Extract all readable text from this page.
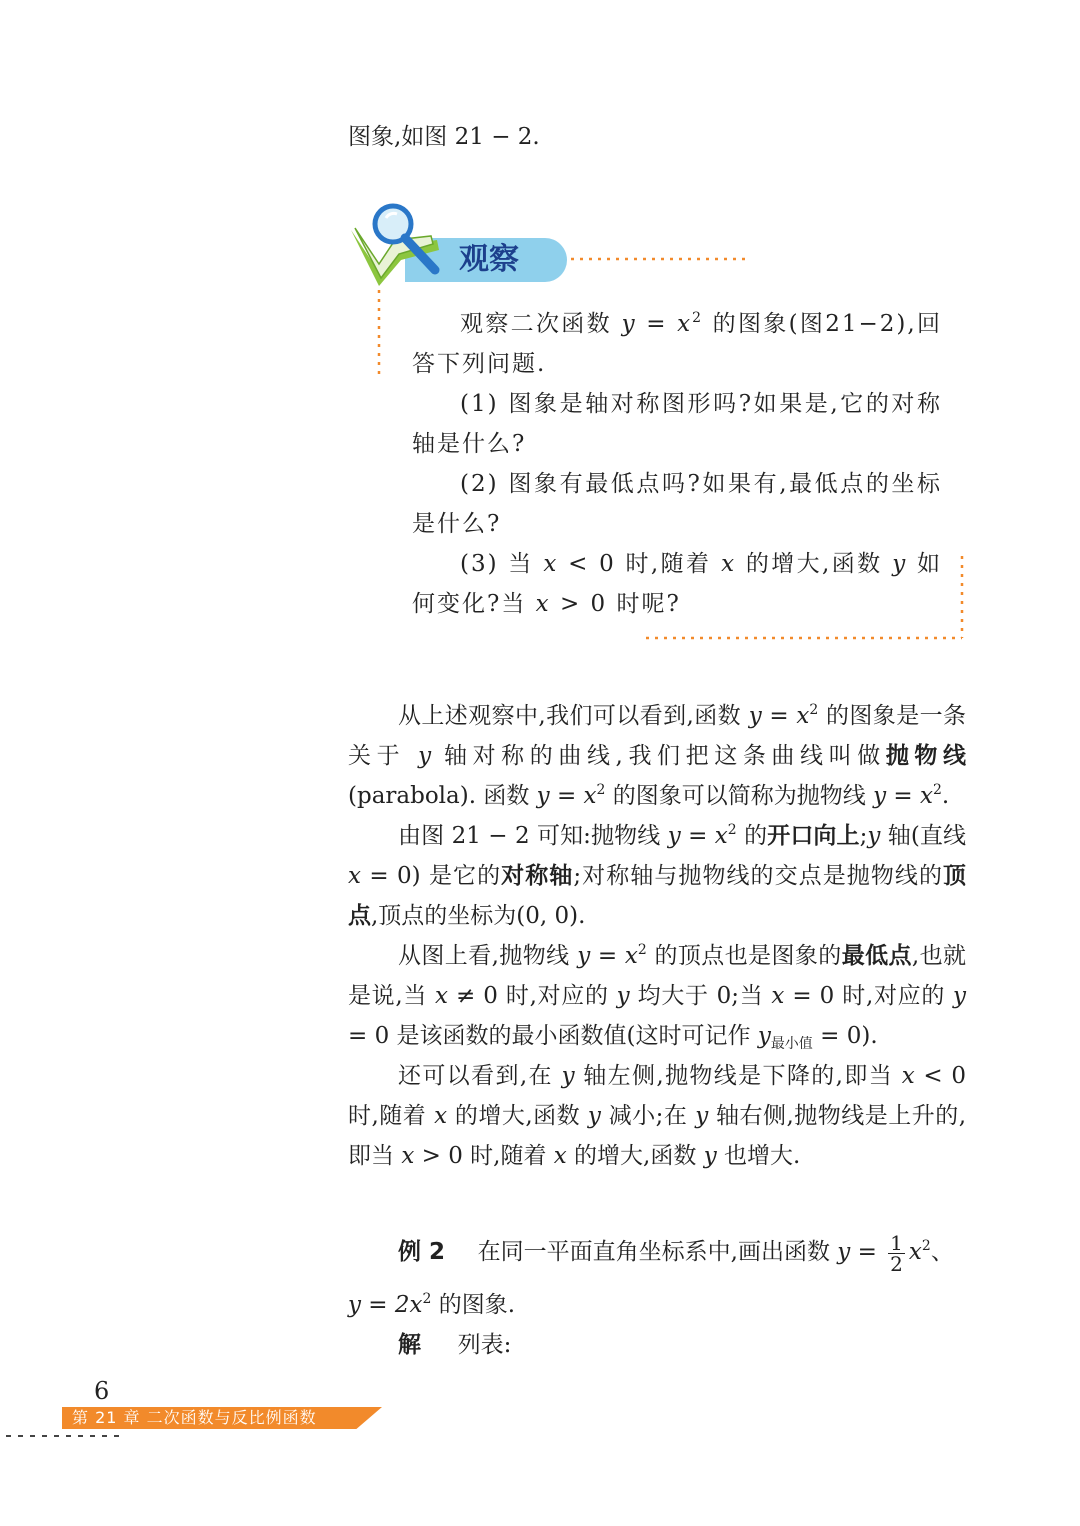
图象,如图 21 − 2.
观察

观察二次函数 $y = x^2$ 的图象(图21−2),回答下列问题.

(1) 图象是轴对称图形吗?如果是,它的对称轴是什么?

(2) 图象有最低点吗?如果有,最低点的坐标是什么?

(3) 当 x < 0 时,随着 x 的增大,函数 y 如何变化?当 x > 0 时呢?

从上述观察中,我们可以看到,函数 $y = x^2$ 的图象是一条关于 y 轴对称的曲线,我们把这条曲线叫做抛物线(parabola). 函数 $y = x^2$ 的图象可以简称为抛物线 $y = x^2$.

由图 21 − 2 可知:抛物线 $y = x^2$ 的开口向上;y 轴(直线 x = 0) 是它的对称轴;对称轴与抛物线的交点是抛物线的顶点,顶点的坐标为(0, 0).

从图上看,抛物线 $y = x^2$ 的顶点也是图象的最低点,也就是说,当 x ≠ 0 时,对应的 y 均大于 0;当 x = 0 时,对应的 y = 0 是该函数的最小函数值(这时可记作 $y_{最小值} = 0$).

还可以看到,在 y 轴左侧,抛物线是下降的,即当 x < 0 时,随着 x 的增大,函数 y 减小;在 y 轴右侧,抛物线是上升的,即当 x > 0 时,随着 x 的增大,函数 y 也增大.

例 2 在同一平面直角坐标系中,画出函数 $y = \frac{1}{2} x^2$、
$y = 2x^2$ 的图象.
解 列表:
6
第 21 章 二次函数与反比例函数
